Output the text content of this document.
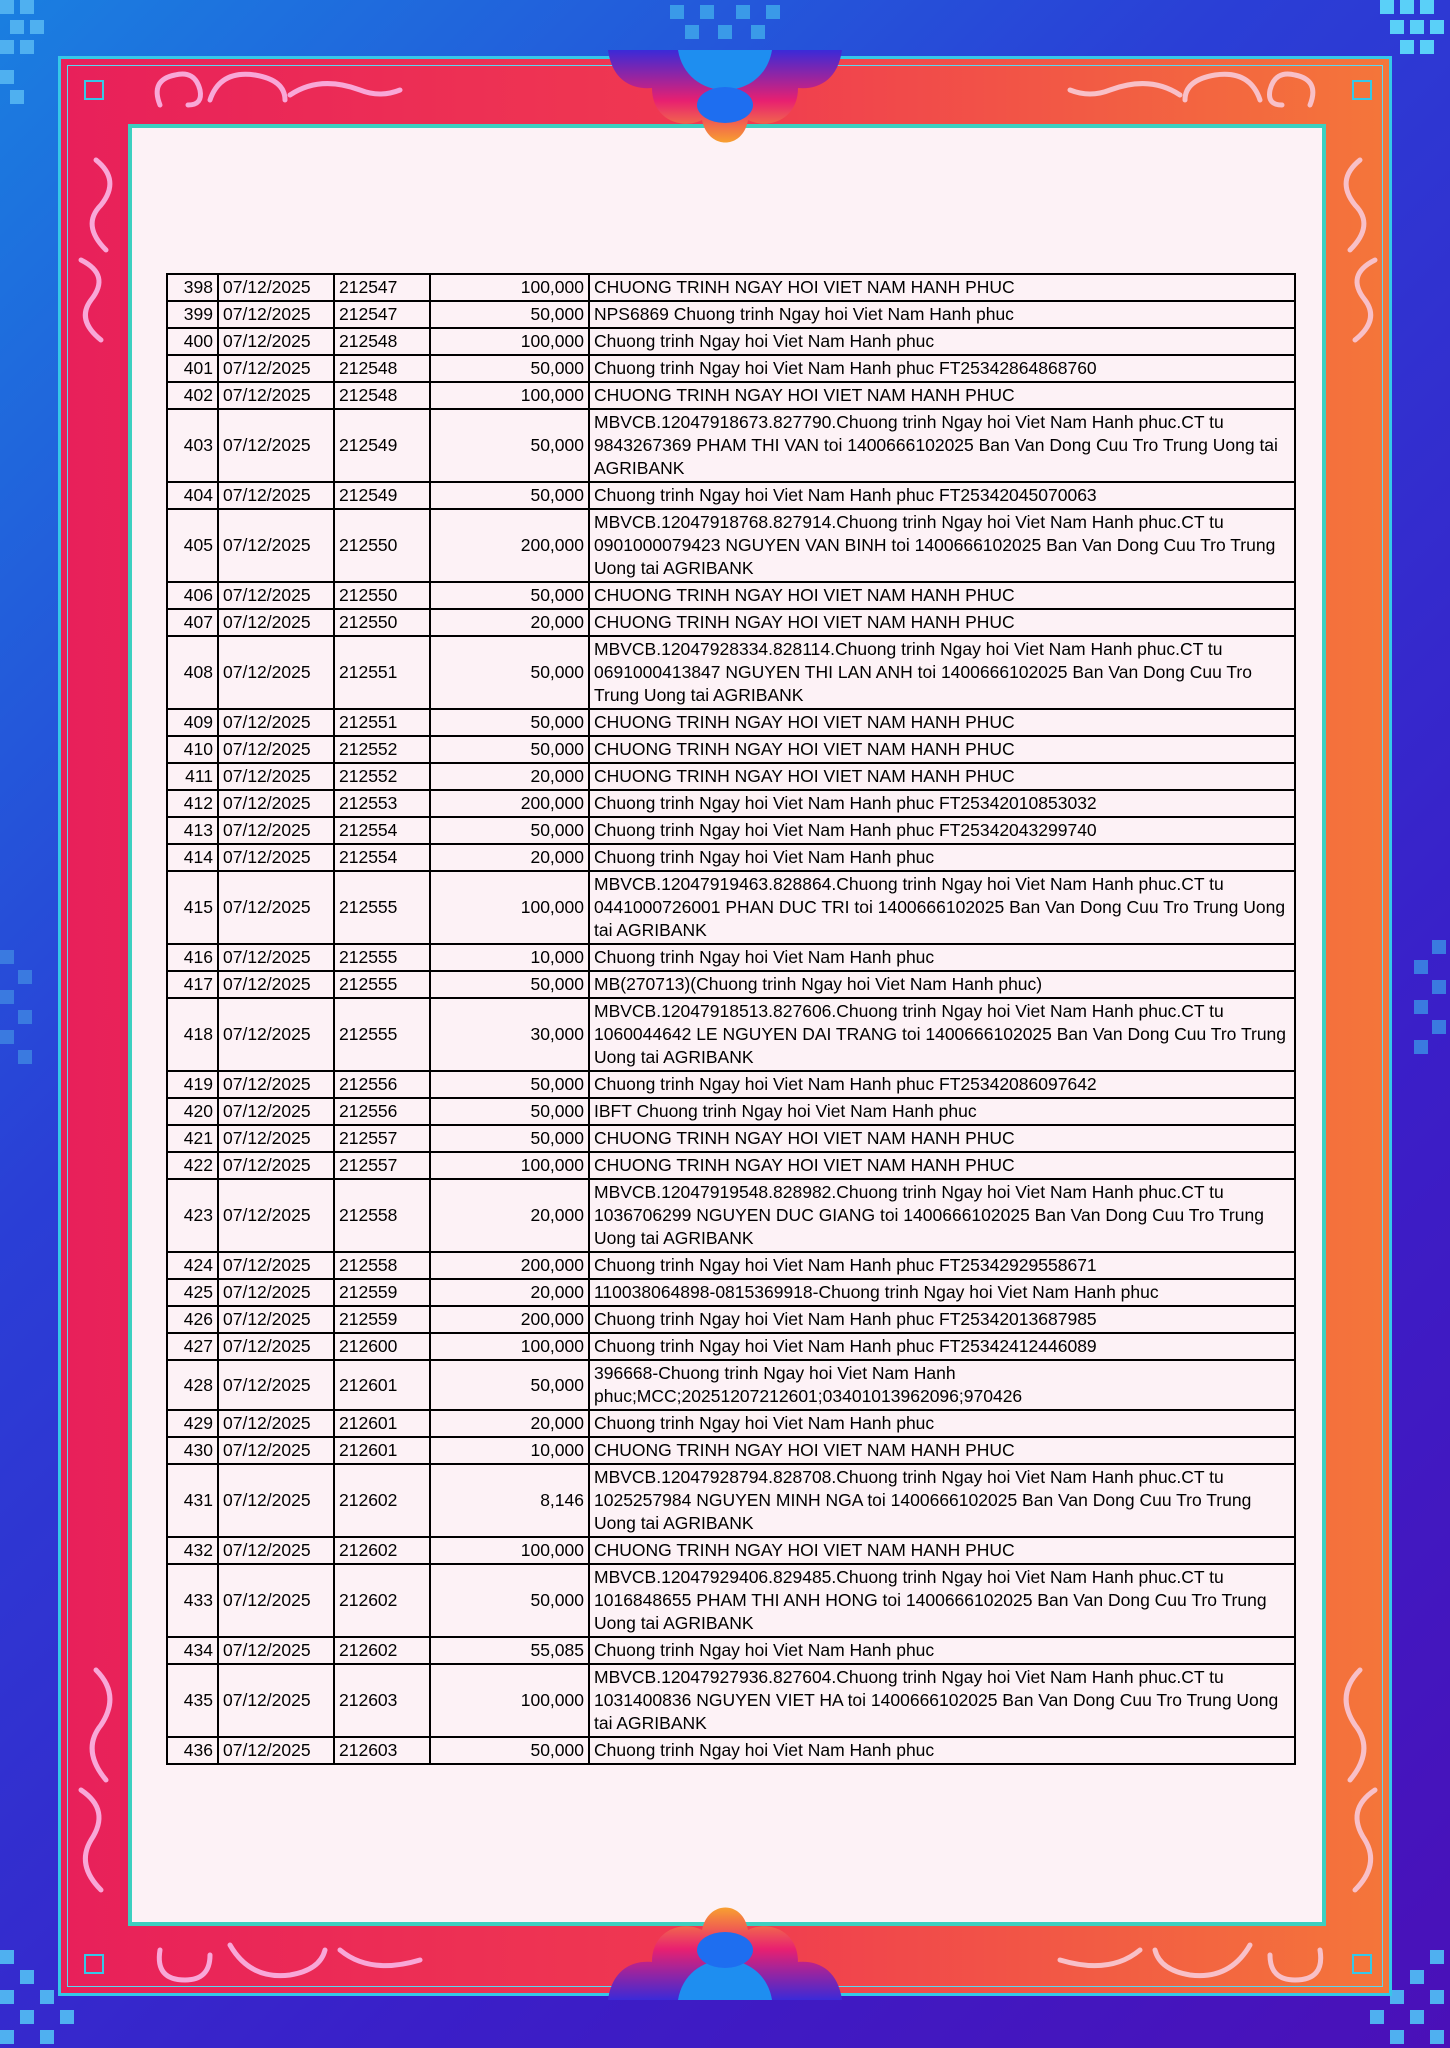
398	07/12/2025	212547	100,000	CHUONG TRINH NGAY HOI VIET NAM HANH PHUC
399	07/12/2025	212547	50,000	NPS6869 Chuong trinh Ngay hoi Viet Nam Hanh phuc
400	07/12/2025	212548	100,000	Chuong trinh Ngay hoi Viet Nam Hanh phuc
401	07/12/2025	212548	50,000	Chuong trinh Ngay hoi Viet Nam Hanh phuc FT25342864868760
402	07/12/2025	212548	100,000	CHUONG TRINH NGAY HOI VIET NAM HANH PHUC
403	07/12/2025	212549	50,000	MBVCB.12047918673.827790.Chuong trinh Ngay hoi Viet Nam Hanh phuc.CT tu 9843267369 PHAM THI VAN toi 1400666102025 Ban Van Dong Cuu Tro Trung Uong tai AGRIBANK
404	07/12/2025	212549	50,000	Chuong trinh Ngay hoi Viet Nam Hanh phuc FT25342045070063
405	07/12/2025	212550	200,000	MBVCB.12047918768.827914.Chuong trinh Ngay hoi Viet Nam Hanh phuc.CT tu 0901000079423 NGUYEN VAN BINH toi 1400666102025 Ban Van Dong Cuu Tro Trung Uong tai AGRIBANK
406	07/12/2025	212550	50,000	CHUONG TRINH NGAY HOI VIET NAM HANH PHUC
407	07/12/2025	212550	20,000	CHUONG TRINH NGAY HOI VIET NAM HANH PHUC
408	07/12/2025	212551	50,000	MBVCB.12047928334.828114.Chuong trinh Ngay hoi Viet Nam Hanh phuc.CT tu 0691000413847 NGUYEN THI LAN ANH toi 1400666102025 Ban Van Dong Cuu Tro Trung Uong tai AGRIBANK
409	07/12/2025	212551	50,000	CHUONG TRINH NGAY HOI VIET NAM HANH PHUC
410	07/12/2025	212552	50,000	CHUONG TRINH NGAY HOI VIET NAM HANH PHUC
411	07/12/2025	212552	20,000	CHUONG TRINH NGAY HOI VIET NAM HANH PHUC
412	07/12/2025	212553	200,000	Chuong trinh Ngay hoi Viet Nam Hanh phuc FT25342010853032
413	07/12/2025	212554	50,000	Chuong trinh Ngay hoi Viet Nam Hanh phuc FT25342043299740
414	07/12/2025	212554	20,000	Chuong trinh Ngay hoi Viet Nam Hanh phuc
415	07/12/2025	212555	100,000	MBVCB.12047919463.828864.Chuong trinh Ngay hoi Viet Nam Hanh phuc.CT tu 0441000726001 PHAN DUC TRI toi 1400666102025 Ban Van Dong Cuu Tro Trung Uong tai AGRIBANK
416	07/12/2025	212555	10,000	Chuong trinh Ngay hoi Viet Nam Hanh phuc
417	07/12/2025	212555	50,000	MB(270713)(Chuong trinh Ngay hoi Viet Nam Hanh phuc)
418	07/12/2025	212555	30,000	MBVCB.12047918513.827606.Chuong trinh Ngay hoi Viet Nam Hanh phuc.CT tu 1060044642 LE NGUYEN DAI TRANG toi 1400666102025 Ban Van Dong Cuu Tro Trung Uong tai AGRIBANK
419	07/12/2025	212556	50,000	Chuong trinh Ngay hoi Viet Nam Hanh phuc FT25342086097642
420	07/12/2025	212556	50,000	IBFT Chuong trinh Ngay hoi Viet Nam Hanh phuc
421	07/12/2025	212557	50,000	CHUONG TRINH NGAY HOI VIET NAM HANH PHUC
422	07/12/2025	212557	100,000	CHUONG TRINH NGAY HOI VIET NAM HANH PHUC
423	07/12/2025	212558	20,000	MBVCB.12047919548.828982.Chuong trinh Ngay hoi Viet Nam Hanh phuc.CT tu 1036706299 NGUYEN DUC GIANG toi 1400666102025 Ban Van Dong Cuu Tro Trung Uong tai AGRIBANK
424	07/12/2025	212558	200,000	Chuong trinh Ngay hoi Viet Nam Hanh phuc FT25342929558671
425	07/12/2025	212559	20,000	110038064898-0815369918-Chuong trinh Ngay hoi Viet Nam Hanh phuc
426	07/12/2025	212559	200,000	Chuong trinh Ngay hoi Viet Nam Hanh phuc FT25342013687985
427	07/12/2025	212600	100,000	Chuong trinh Ngay hoi Viet Nam Hanh phuc FT25342412446089
428	07/12/2025	212601	50,000	396668-Chuong trinh Ngay hoi Viet Nam Hanh phuc;MCC;20251207212601;03401013962096;970426
429	07/12/2025	212601	20,000	Chuong trinh Ngay hoi Viet Nam Hanh phuc
430	07/12/2025	212601	10,000	CHUONG TRINH NGAY HOI VIET NAM HANH PHUC
431	07/12/2025	212602	8,146	MBVCB.12047928794.828708.Chuong trinh Ngay hoi Viet Nam Hanh phuc.CT tu 1025257984 NGUYEN MINH NGA toi 1400666102025 Ban Van Dong Cuu Tro Trung Uong tai AGRIBANK
432	07/12/2025	212602	100,000	CHUONG TRINH NGAY HOI VIET NAM HANH PHUC
433	07/12/2025	212602	50,000	MBVCB.12047929406.829485.Chuong trinh Ngay hoi Viet Nam Hanh phuc.CT tu 1016848655 PHAM THI ANH HONG toi 1400666102025 Ban Van Dong Cuu Tro Trung Uong tai AGRIBANK
434	07/12/2025	212602	55,085	Chuong trinh Ngay hoi Viet Nam Hanh phuc
435	07/12/2025	212603	100,000	MBVCB.12047927936.827604.Chuong trinh Ngay hoi Viet Nam Hanh phuc.CT tu 1031400836 NGUYEN VIET HA toi 1400666102025 Ban Van Dong Cuu Tro Trung Uong tai AGRIBANK
436	07/12/2025	212603	50,000	Chuong trinh Ngay hoi Viet Nam Hanh phuc
